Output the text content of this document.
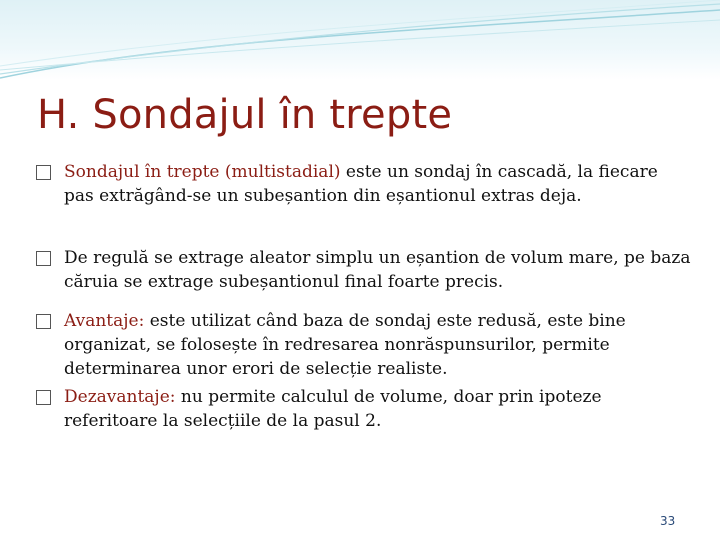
H. Sondajul în trepte
Sondajul în trepte (multistadial) este un sondaj în cascadă, la fiecare pas extrăgând-se un subeșantion din eșantionul extras deja.
De regulă se extrage aleator simplu un eșantion de volum mare, pe baza căruia se extrage subeșantionul final foarte precis.
Avantaje: este utilizat când baza de sondaj este redusă, este bine organizat, se folosește în redresarea nonrăspunsurilor, permite determinarea unor erori de selecție realiste.
Dezavantaje: nu permite calculul de volume, doar prin ipoteze referitoare la selecțiile de la pasul 2.
33
